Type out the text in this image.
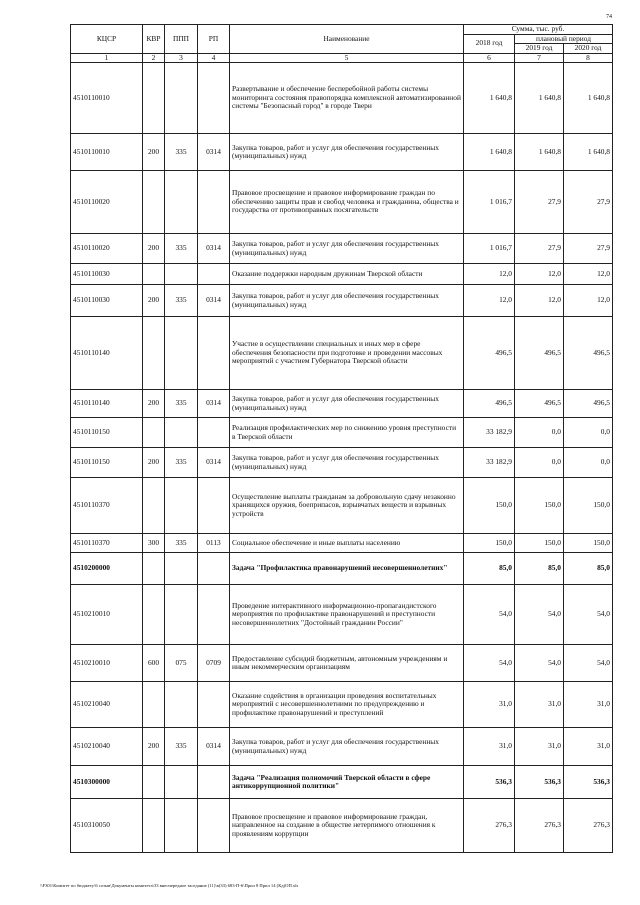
74
КЦСР	КВР	ППП	РП	Наименование	Сумма, тыс. руб.		
					2018 год	плановый период	
						2019 год	2020 год
1	2	3	4	5	6	7	8
4510110010				Развертывание и обеспечение бесперебойной работы системы мониторинга состояния правопорядка комплексной автоматизированной системы "Безопасный город" в городе Твери	1 640,8	1 640,8	1 640,8
4510110010	200	335	0314	Закупка товаров, работ и услуг для обеспечения государственных (муниципальных) нужд	1 640,8	1 640,8	1 640,8
4510110020				Правовое просвещение и правовое информирование граждан по обеспечению защиты прав и свобод человека и гражданина, общества и государства от противоправных посягательств	1 016,7	27,9	27,9
4510110020	200	335	0314	Закупка товаров, работ и услуг для обеспечения государственных (муниципальных) нужд	1 016,7	27,9	27,9
4510110030				Оказание поддержки народным дружинам Тверской области	12,0	12,0	12,0
4510110030	200	335	0314	Закупка товаров, работ и услуг для обеспечения государственных (муниципальных) нужд	12,0	12,0	12,0
4510110140				Участие в осуществлении специальных и иных мер в сфере обеспечения безопасности при подготовке и проведении массовых мероприятий с участием Губернатора Тверской области	496,5	496,5	496,5
4510110140	200	335	0314	Закупка товаров, работ и услуг для обеспечения государственных (муниципальных) нужд	496,5	496,5	496,5
4510110150				Реализация профилактических мер по снижению уровня преступности в Тверской области	33 182,9	0,0	0,0
4510110150	200	335	0314	Закупка товаров, работ и услуг для обеспечения государственных (муниципальных) нужд	33 182,9	0,0	0,0
4510110370				Осуществление выплаты гражданам за добровольную сдачу незаконно хранящихся оружия, боеприпасов, взрывчатых веществ и взрывных устройств	150,0	150,0	150,0
4510110370	300	335	0113	Социальное обеспечение и иные выплаты населению	150,0	150,0	150,0
4510200000				Задача "Профилактика правонарушений несовершеннолетних"	85,0	85,0	85,0
4510210010				Проведение интерактивного информационно-пропагандистского мероприятия по профилактике правонарушений и преступности несовершеннолетних "Достойный гражданин России"	54,0	54,0	54,0
4510210010	600	075	0709	Предоставление субсидий бюджетным, автономным учреждениям и иным некоммерческим организациям	54,0	54,0	54,0
4510210040				Оказание содействия в организации проведения воспитательных мероприятий с несовершеннолетними по предупреждению и профилактике правонарушений и преступлений	31,0	31,0	31,0
4510210040	200	335	0314	Закупка товаров, работ и услуг для обеспечения государственных (муниципальных) нужд	31,0	31,0	31,0
4510300000				Задача "Реализация полномочий Тверской области в сфере антикоррупционной политики"	536,3	536,3	536,3
4510310050				Правовое просвещение и правовое информирование граждан, направленное на создание в обществе нетерпимого отношения к проявлениям коррупции	276,3	276,3	276,3
\\F301\Комитет по бюджету\6 созыв\Документы комитета\33 внеочередное заседание (11)\в(33) 683-П-6\Прил 8 Прил 14 (Кд)ОП.xls
